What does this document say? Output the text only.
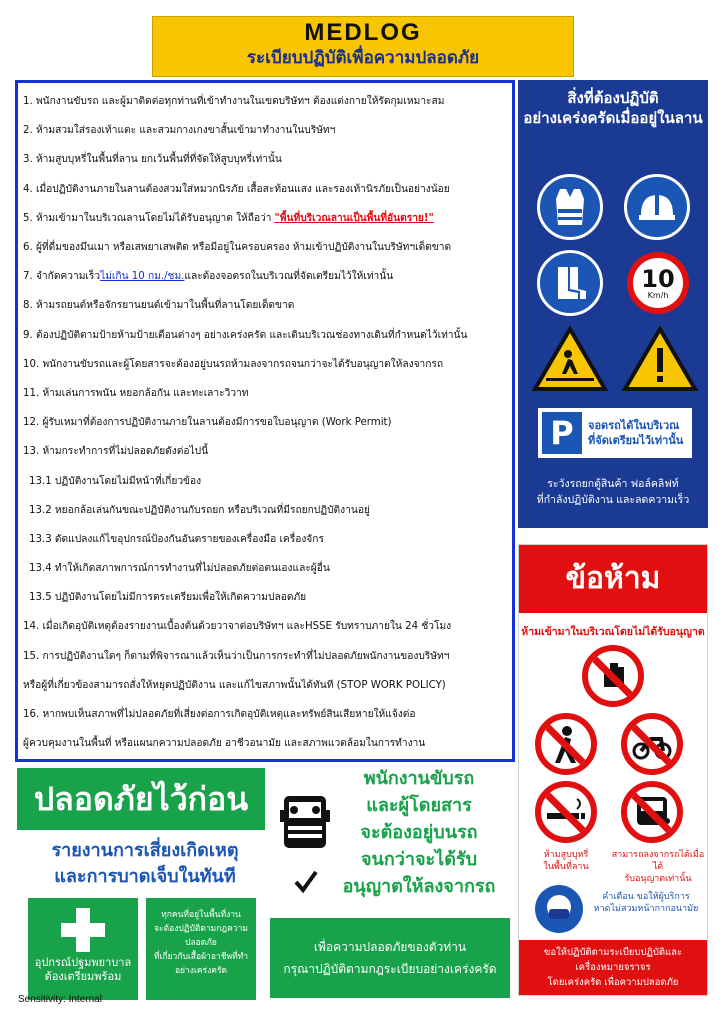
MEDLOG
ระเบียบปฏิบัติเพื่อความปลอดภัย
1. พนักงานขับรถ และผู้มาติดต่อทุกท่านที่เข้าทำงานในเขตบริษัทฯ ต้องแต่งกายให้รัดกุมเหมาะสม
2. ห้ามสวมใส่รองเท้าแตะ และสวมกางเกงขาสั้นเข้ามาทำงานในบริษัทฯ
3. ห้ามสูบบุหรี่ในพื้นที่ลาน ยกเว้นพื้นที่ที่จัดให้สูบบุหรี่เท่านั้น
4. เมื่อปฏิบัติงานภายในลานต้องสวมใส่หมวกนิรภัย เสื้อสะท้อนแสง และรองเท้านิรภัยเป็นอย่างน้อย
5. ห้ามเข้ามาในบริเวณลานโดยไม่ได้รับอนุญาต ให้ถือว่า "พื้นที่บริเวณลานเป็นพื้นที่อันตราย!"
6. ผู้ที่ดื่มของมึนเมา หรือเสพยาเสพติด หรือมีอยู่ในครอบครอง ห้ามเข้าปฏิบัติงานในบริษัทฯเด็ดขาด
7. จำกัดความเร็ว ไม่เกิน 10 กม./ชม. และต้องจอดรถในบริเวณที่จัดเตรียมไว้ให้เท่านั้น
8. ห้ามรถยนต์หรือจักรยานยนต์เข้ามาในพื้นที่ลานโดยเด็ดขาด
9. ต้องปฏิบัติตามป้ายห้ามป้ายเตือนต่างๆ อย่างเคร่งครัด และเดินบริเวณช่องทางเดินที่กำหนดไว้เท่านั้น
10. พนักงานขับรถและผู้โดยสารจะต้องอยู่บนรถห้ามลงจากรถจนกว่าจะได้รับอนุญาตให้ลงจากรถ
11. ห้ามเล่นการพนัน หยอกล้อกัน และทะเลาะวิวาท
12. ผู้รับเหมาที่ต้องการปฏิบัติงานภายในลานต้องมีการขอใบอนุญาต (Work Permit)
13. ห้ามกระทำการที่ไม่ปลอดภัยดังต่อไปนี้
13.1 ปฏิบัติงานโดยไม่มีหน้าที่เกี่ยวข้อง
13.2 หยอกล้อเล่นกันขณะปฏิบัติงานกับรถยก หรือบริเวณที่มีรถยกปฏิบัติงานอยู่
13.3 ดัดแปลงแก้ไขอุปกรณ์ป้องกันอันตรายของเครื่องมือ เครื่องจักร
13.4 ทำให้เกิดสภาพการณ์การทำงานที่ไม่ปลอดภัยต่อตนเองและผู้อื่น
13.5 ปฏิบัติงานโดยไม่มีการตระเตรียมเพื่อให้เกิดความปลอดภัย
14. เมื่อเกิดอุบัติเหตุต้องรายงานเบื้องต้นด้วยวาจาต่อบริษัทฯ และHSSE รับทราบภายใน 24 ชั่วโมง
15. การปฏิบัติงานใดๆ ก็ตามที่พิจารณาแล้วเห็นว่าเป็นการกระทำที่ไม่ปลอดภัยพนักงานของบริษัทฯ
หรือผู้ที่เกี่ยวข้องสามารถสั่งให้หยุดปฏิบัติงาน และแก้ไขสภาพนั้นได้ทันที (STOP WORK POLICY)
16. หากพบเห็นสภาพที่ไม่ปลอดภัยที่เสี่ยงต่อการเกิดอุบัติเหตุและทรัพย์สินเสียหายให้แจ้งต่อ
ผู้ควบคุมงานในพื้นที่ หรือแผนกความปลอดภัย อาชีวอนามัย และสภาพแวดล้อมในการทำงาน
สิ่งที่ต้องปฏิบัติ
อย่างเคร่งครัดเมื่ออยู่ในลาน
10
Km/h
P	จอดรถได้ในบริเวณ
ที่จัดเตรียมไว้เท่านั้น
ระวังรถยกตู้สินค้า ฟอล์คลิฟท์
ที่กำลังปฏิบัติงาน และลดความเร็ว
ข้อห้าม
ห้ามเข้ามาในบริเวณโดยไม่ได้รับอนุญาต
ห้ามสูบบุหรี่
ในพื้นที่ลาน
สามารถลงจากรถได้เมื่อได้
รับอนุญาตเท่านั้น
คำเตือน ขอให้ผู้บริการ
หาดไม่สวมหน้ากากอนามัย
ขอให้ปฏิบัติตามระเบียบปฏิบัติและเครื่องหมายจราจร
โดยเคร่งครัด เพื่อความปลอดภัย
ปลอดภัยไว้ก่อน
รายงานการเสี่ยงเกิดเหตุ
และการบาดเจ็บในทันที
อุปกรณ์ปฐมพยาบาล
ต้องเตรียมพร้อม
ทุกคนที่อยู่ในพื้นที่งาน
จะต้องปฏิบัติตามกฎความปลอดภัย
ที่เกี่ยวกับเสื้อผ้าอาชีพที่ทำ
อย่างเคร่งครัด
พนักงานขับรถ
และผู้โดยสาร
จะต้องอยู่บนรถ
จนกว่าจะได้รับ
อนุญาตให้ลงจากรถ
เพื่อความปลอดภัยของตัวท่าน
กรุณาปฏิบัติตามกฎระเบียบอย่างเคร่งครัด
Sensitivity: Internal
